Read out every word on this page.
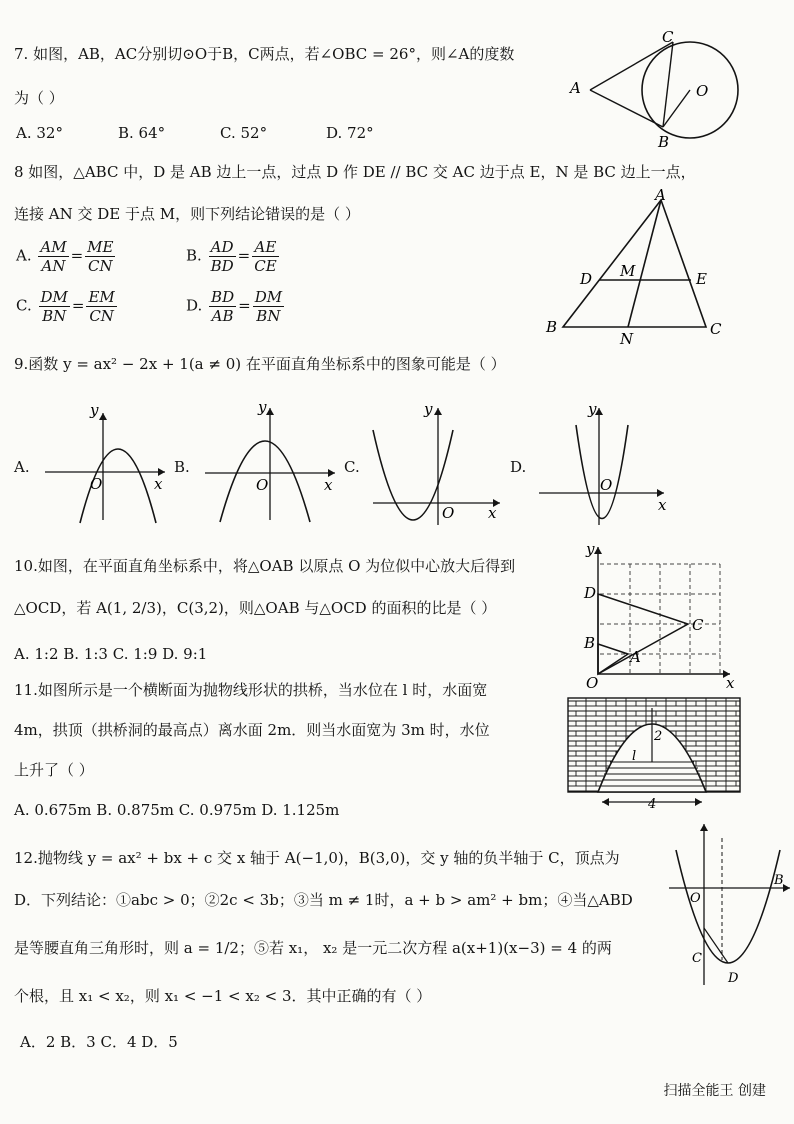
7. 如图，AB，AC分别切⊙O于B，C两点，若∠OBC = 26°，则∠A的度数
为（ ）
A. 32°	B. 64°	C. 52°	D. 72°
A
C
O
B
8 如图，△ABC 中，D 是 AB 边上一点，过点 D 作 DE // BC 交 AC 边于点 E，N 是 BC 边上一点，
连接 AN 交 DE 于点 M，则下列结论错误的是（ ）
A. $\frac{AM}{AN} = \frac{ME}{CN}$	B. $\frac{AD}{BD} = \frac{AE}{CE}$
C. $\frac{DM}{BN} = \frac{EM}{CN}$	D. $\frac{BD}{AB} = \frac{DM}{BN}$
A
D M	E
B
N
C
9.函数 y = ax² − 2x + 1(a ≠ 0) 在平面直角坐标系中的图象可能是（ ）
A.
y
O	x
B.
y
O	x
C.
y
O x
D.
y
O
x
10.如图，在平面直角坐标系中，将△OAB 以原点 O 为位似中心放大后得到
△OCD，若 A(1, 2/3)，C(3,2)，则△OAB 与△OCD 的面积的比是（ ）
A. 1:2 B. 1:3 C. 1:9 D. 9:1
y
D
C
B
A
O	x
11.如图所示是一个横断面为抛物线形状的拱桥，当水位在 l 时，水面宽
4m，拱顶（拱桥洞的最高点）离水面 2m．则当水面宽为 3m 时，水位
上升了（ ）
A. 0.675m B. 0.875m C. 0.975m D. 1.125m
2
4
l
12.抛物线 y = ax² + bx + c 交 x 轴于 A(−1,0)，B(3,0)，交 y 轴的负半轴于 C，顶点为
D．下列结论：①abc > 0；②2c < 3b；③当 m ≠ 1时，a + b > am² + bm；④当△ABD
是等腰直角三角形时，则 a = 1/2；⑤若 x₁， x₂ 是一元二次方程 a(x+1)(x−3) = 4 的两
个根，且 x₁ < x₂，则 x₁ < −1 < x₂ < 3．其中正确的有（ ）
A．2 B．3 C．4 D．5
O
B
C
D
扫描全能王 创建
